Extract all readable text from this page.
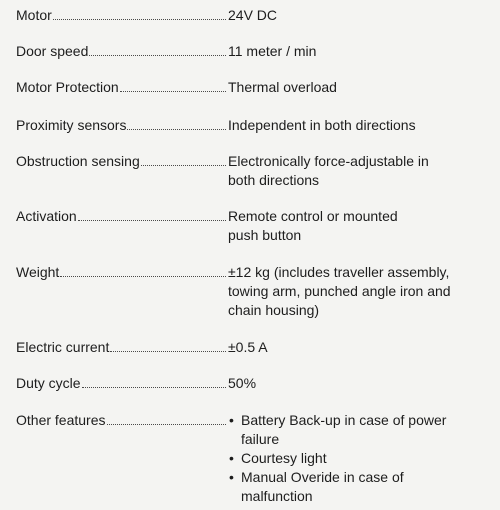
Motor	24V DC
Door speed	11 meter / min
Motor Protection	Thermal overload
Proximity sensors	Independent in both directions
Obstruction sensing	Electronically force-adjustable in
both directions
Activation	Remote control or mounted
push button
Weight	±12 kg (includes traveller assembly,
towing arm, punched angle iron and
chain housing)
Electric current	±0.5 A
Duty cycle	50%
Other features	• Battery Back-up in case of power
failure
• Courtesy light
• Manual Overide in case of
malfunction
